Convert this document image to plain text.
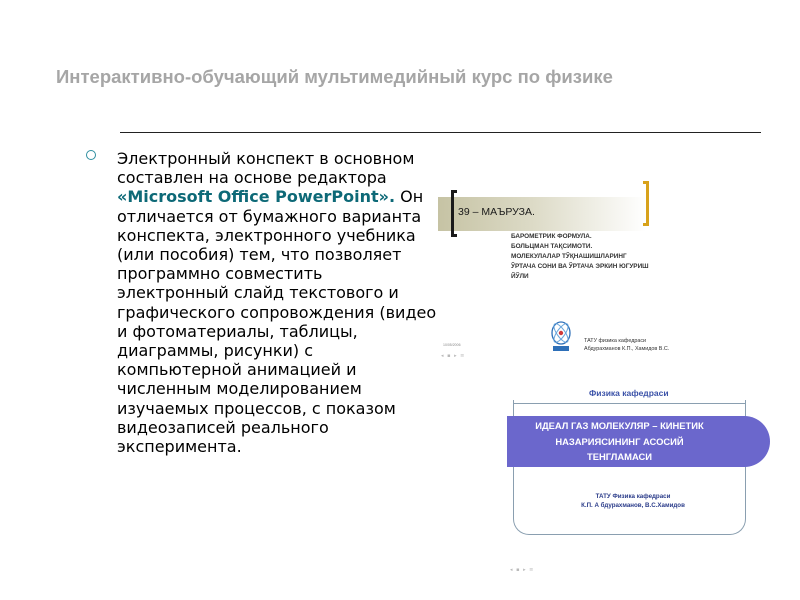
Интерактивно-обучающий мультимедийный курс по физике
Электронный конспект в основном составлен на основе редактора «Microsoft Office PowerPoint». Он отличается от бумажного варианта конспекта, электронного учебника (или пособия) тем, что позволяет программно совместить электронный слайд текстового и графического сопровождения (видео и фотоматериалы, таблицы, диаграммы, рисунки) с компьютерной анимацией и численным моделированием изучаемых процессов, с показом видеозаписей реального эксперимента.
39 – МАЪРУЗА.
БАРОМЕТРИК ФОРМУЛА.
БОЛЬЦМАН ТАҚСИМОТИ.
МОЛЕКУЛАЛАР ТЎҚНАШИШЛАРИНГ
ЎРТАЧА СОНИ ВА ЎРТАЧА ЭРКИН ЮГУРИШ
ЙЎЛИ
ТАТУ физика кафедраси
Абдурахманов К.П., Хамидов В.С.
10/05/2006
◂ ▪ ▸ ≡
Физика кафедраси
ИДЕАЛ ГАЗ МОЛЕКУЛЯР – КИНЕТИК
НАЗАРИЯСИНИНГ АСОСИЙ
ТЕНГЛАМАСИ
ТАТУ Физика кафедраси
К.П. А бдурахманов, В.С.Хамидов
◂ ▪ ▸ ≡
